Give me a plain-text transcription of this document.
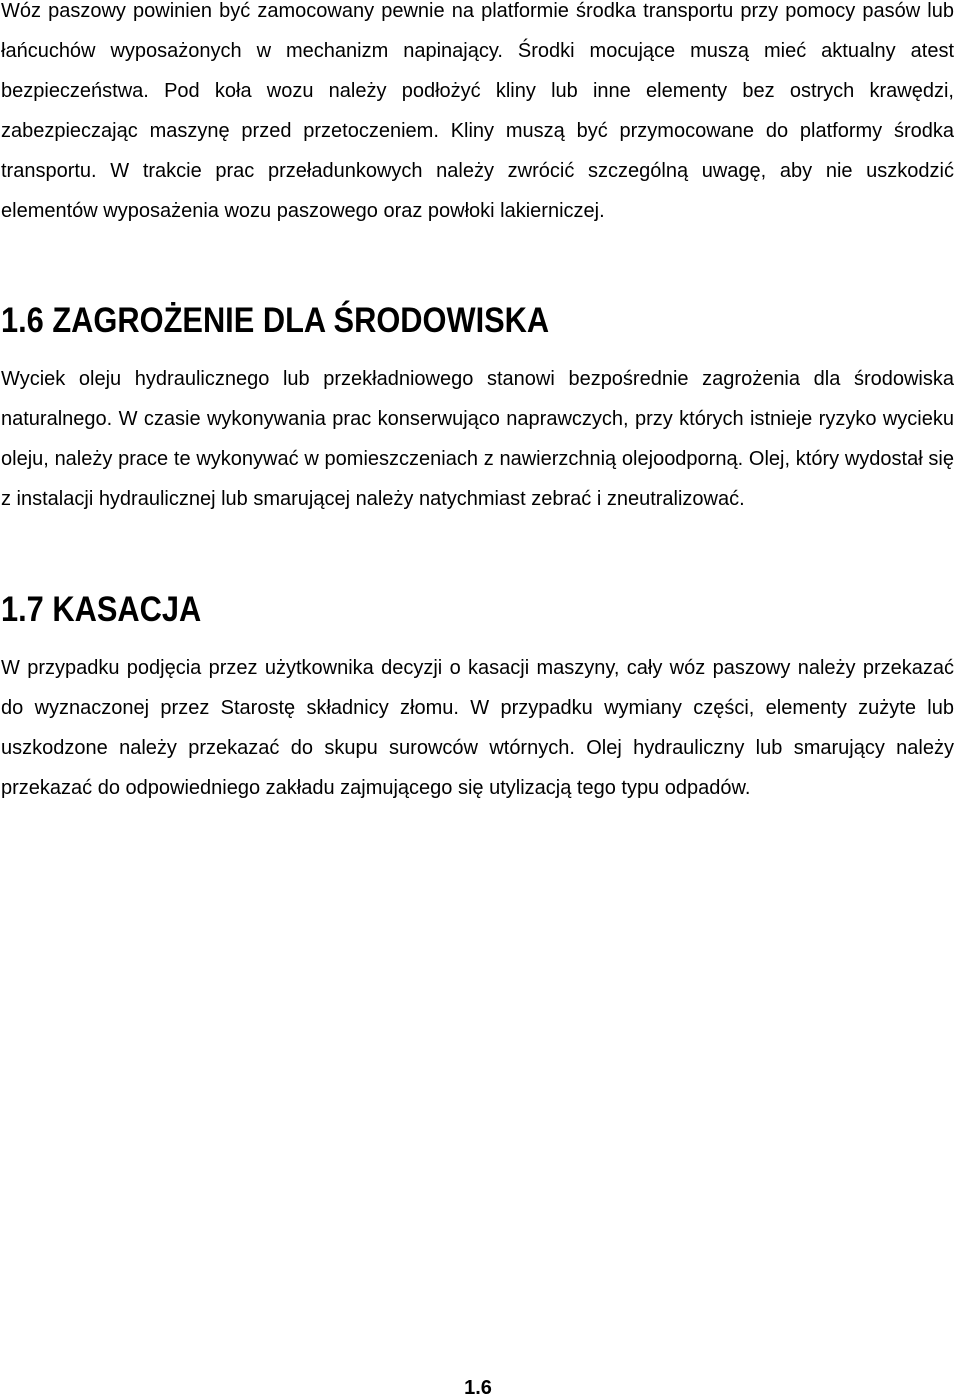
Wóz paszowy powinien być zamocowany pewnie na platformie środka transportu przy pomocy pasów lub łańcuchów wyposażonych w mechanizm napinający. Środki mocujące muszą mieć aktualny atest bezpieczeństwa. Pod koła wozu należy podłożyć kliny lub inne elementy bez ostrych krawędzi, zabezpieczając maszynę przed przetoczeniem. Kliny muszą być przymocowane do platformy środka transportu. W trakcie prac przeładunkowych należy zwrócić szczególną uwagę, aby nie uszkodzić elementów wyposażenia wozu paszowego oraz powłoki lakierniczej.

1.6 ZAGROŻENIE DLA ŚRODOWISKA

Wyciek oleju hydraulicznego lub przekładniowego stanowi bezpośrednie zagrożenia dla środowiska naturalnego. W czasie wykonywania prac konserwująco naprawczych, przy których istnieje ryzyko wycieku oleju, należy prace te wykonywać w pomieszczeniach z nawierzchnią olejoodporną. Olej, który wydostał się z instalacji hydraulicznej lub smarującej należy natychmiast zebrać i zneutralizować.

1.7 KASACJA

W przypadku podjęcia przez użytkownika decyzji o kasacji maszyny, cały wóz paszowy należy przekazać do wyznaczonej przez Starostę składnicy złomu. W przypadku wymiany części, elementy zużyte lub uszkodzone należy przekazać do skupu surowców wtórnych. Olej hydrauliczny lub smarujący należy przekazać do odpowiedniego zakładu zajmującego się utylizacją tego typu odpadów.

1.6
